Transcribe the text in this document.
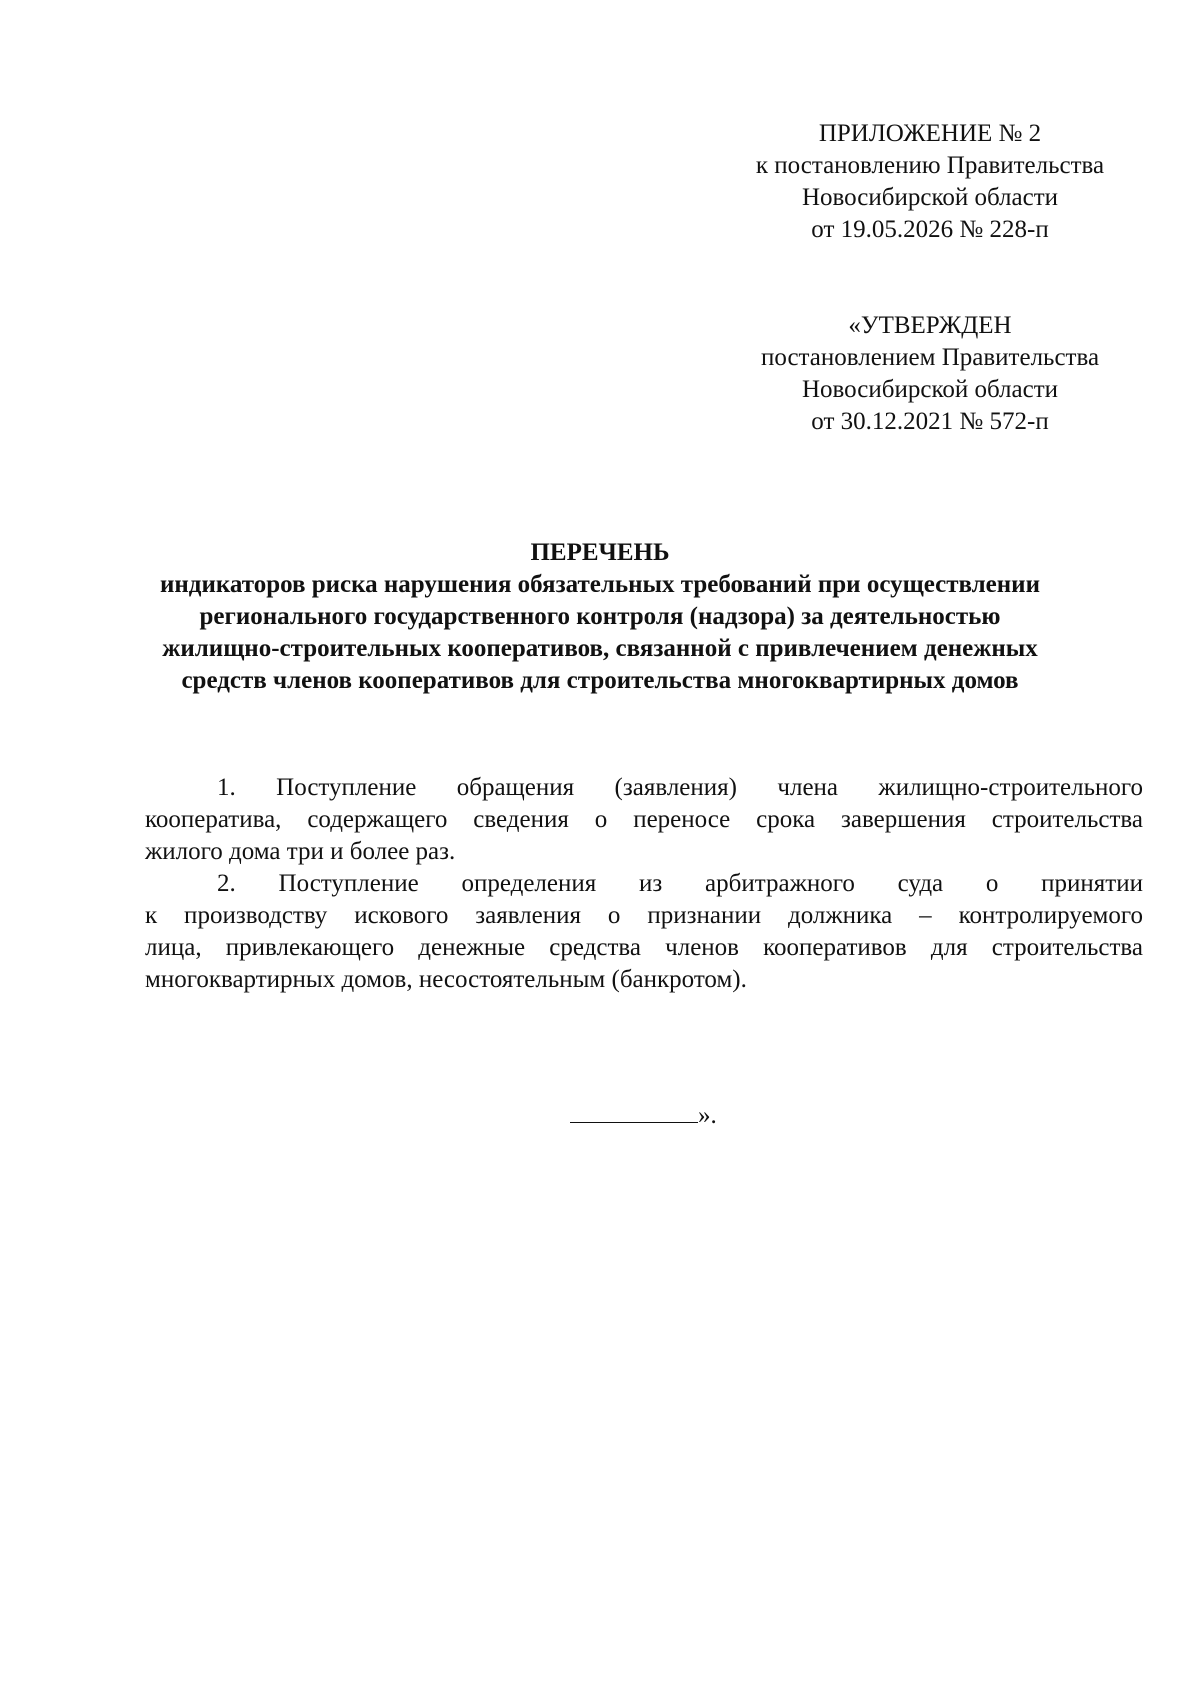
ПРИЛОЖЕНИЕ № 2
к постановлению Правительства
Новосибирской области
от 19.05.2026 № 228-п
«УТВЕРЖДЕН
постановлением Правительства
Новосибирской области
от 30.12.2021 № 572-п
ПЕРЕЧЕНЬ
индикаторов риска нарушения обязательных требований при осуществлении
регионального государственного контроля (надзора) за деятельностью
жилищно-строительных кооперативов, связанной с привлечением денежных
средств членов кооперативов для строительства многоквартирных домов

1. Поступление обращения (заявления) члена жилищно-строительного
кооператива, содержащего сведения о переносе срока завершения строительства
жилого дома три и более раз.

2. Поступление определения из арбитражного суда о принятии
к производству искового заявления о признании должника – контролируемого
лица, привлекающего денежные средства членов кооперативов для строительства
многоквартирных домов, несостоятельным (банкротом).

».
